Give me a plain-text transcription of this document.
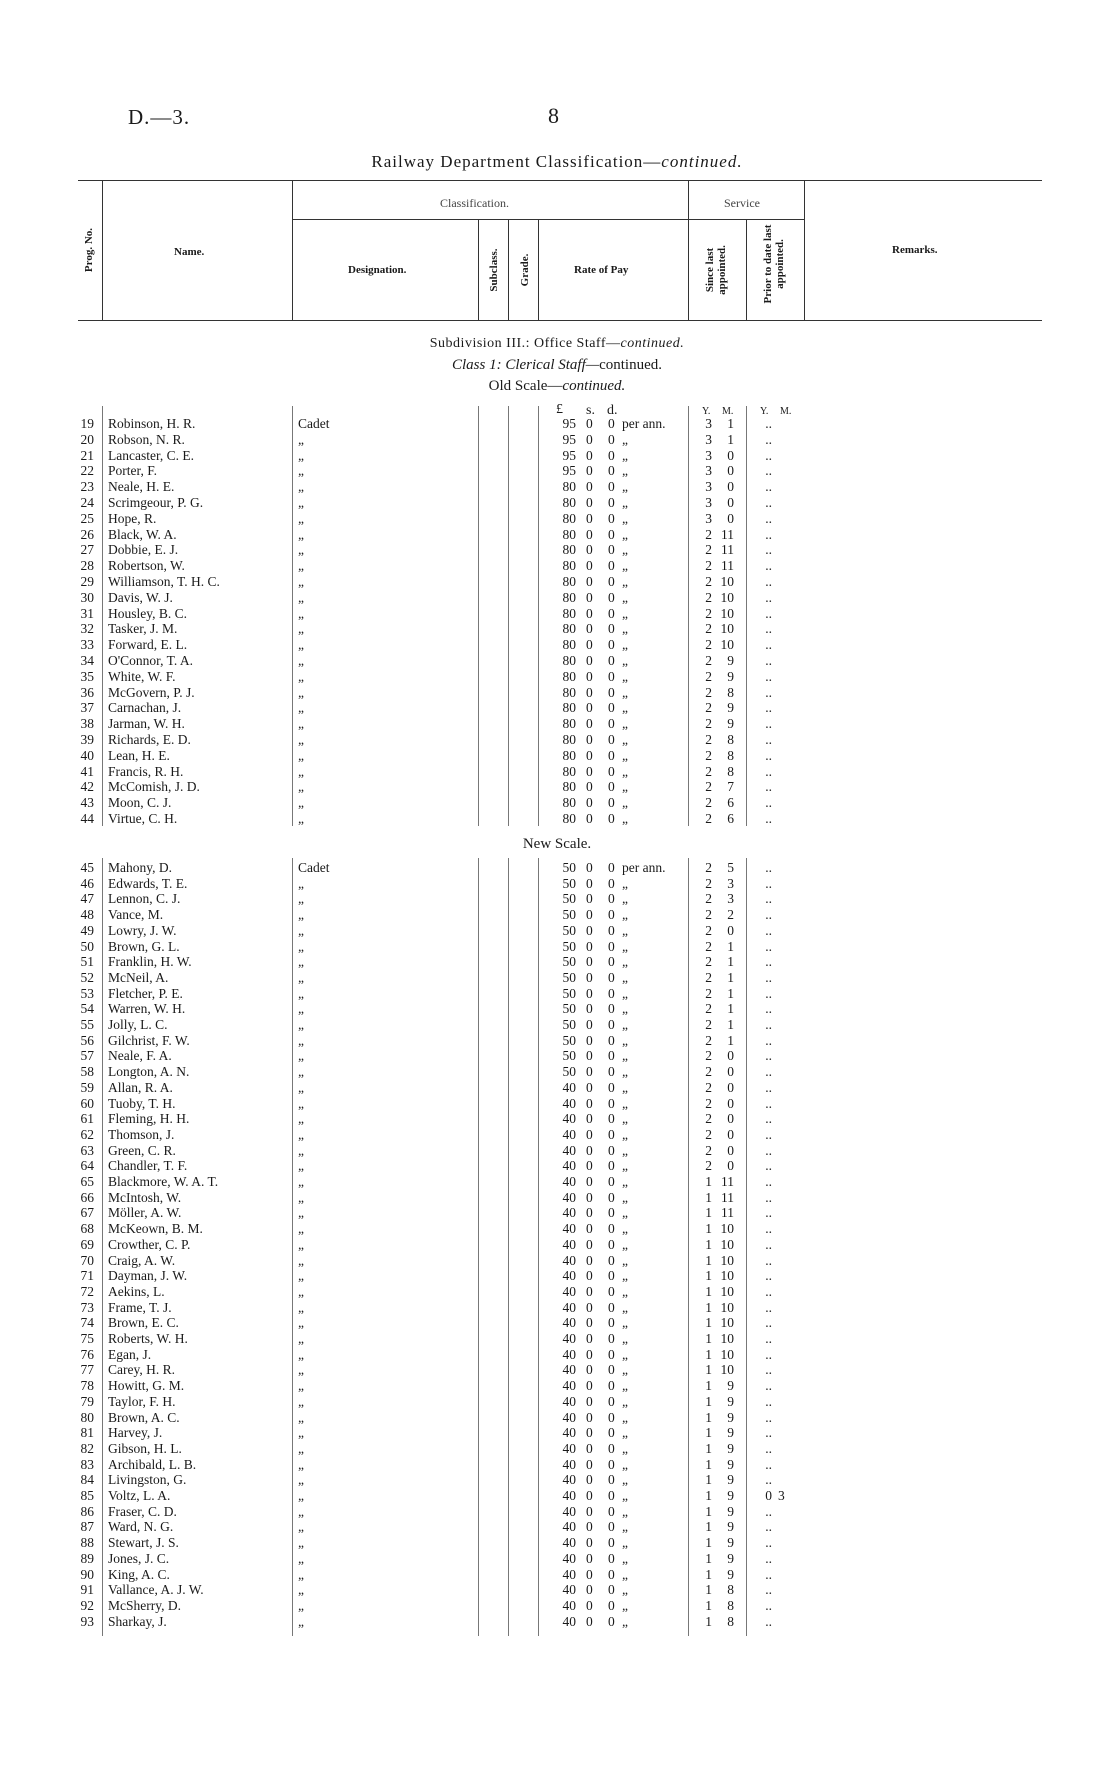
D.—3.	8
Railway Department Classification—continued.
Prog. No.	Name.
Classification.	Service
Designation.	Subclass. Grade.	Rate of Pay	Since last appointed.	Prior to date last appointed.	Remarks.
Subdivision III.: Office Staff—continued.
Class 1: Clerical Staff—continued.
Old Scale—continued.
£ s. d.	Y. M.	Y. M.
19 Robinson, H. R.	Cadet	95 0 0 per ann.	3	1 ..
20 Robson, N. R.	„	95 0 0 „	3	1 ..
21 Lancaster, C. E.	„	95 0 0 „	3	0 ..
22 Porter, F.	„	95 0 0 „	3	0 ..
23 Neale, H. E.	„	80 0 0 „	3	0 ..
24 Scrimgeour, P. G.	„	80 0 0 „	3	0 ..
25 Hope, R.	„	80 0 0 „	3	0 ..
26 Black, W. A.	„	80 0 0 „	2 11 ..
27 Dobbie, E. J.	„	80 0 0 „	2 11 ..
28 Robertson, W.	„	80 0 0 „	2 11 ..
29 Williamson, T. H. C.	„	80 0 0 „	2 10 ..
30 Davis, W. J.	„	80 0 0 „	2 10 ..
31 Housley, B. C.	„	80 0 0 „	2 10 ..
32 Tasker, J. M.	„	80 0 0 „	2 10 ..
33 Forward, E. L.	„	80 0 0 „	2 10 ..
34 O'Connor, T. A.	„	80 0 0 „	2	9 ..
35 White, W. F.	„	80 0 0 „	2	9 ..
36 McGovern, P. J.	„	80 0 0 „	2	8 ..
37 Carnachan, J.	„	80 0 0 „	2	9 ..
38 Jarman, W. H.	„	80 0 0 „	2	9 ..
39 Richards, E. D.	„	80 0 0 „	2	8 ..
40 Lean, H. E.	„	80 0 0 „	2	8 ..
41 Francis, R. H.	„	80 0 0 „	2	8 ..
42 McComish, J. D.	„	80 0 0 „	2	7 ..
43 Moon, C. J.	„	80 0 0 „	2	6 ..
44 Virtue, C. H.	„	80 0 0 „	2	6 ..
New Scale.
45 Mahony, D.	Cadet	50 0 0 per ann.	2	5 ..
46 Edwards, T. E.	„	50 0 0 „	2	3 ..
47 Lennon, C. J.	„	50 0 0 „	2	3 ..
48 Vance, M.	„	50 0 0 „	2	2 ..
49 Lowry, J. W.	„	50 0 0 „	2	0 ..
50 Brown, G. L.	„	50 0 0 „	2	1 ..
51 Franklin, H. W.	„	50 0 0 „	2	1 ..
52 McNeil, A.	„	50 0 0 „	2	1 ..
53 Fletcher, P. E.	„	50 0 0 „	2	1 ..
54 Warren, W. H.	„	50 0 0 „	2	1 ..
55 Jolly, L. C.	„	50 0 0 „	2	1 ..
56 Gilchrist, F. W.	„	50 0 0 „	2	1 ..
57 Neale, F. A.	„	50 0 0 „	2	0 ..
58 Longton, A. N.	„	50 0 0 „	2	0 ..
59 Allan, R. A.	„	40 0 0 „	2	0 ..
60 Tuoby, T. H.	„	40 0 0 „	2	0 ..
61 Fleming, H. H.	„	40 0 0 „	2	0 ..
62 Thomson, J.	„	40 0 0 „	2	0 ..
63 Green, C. R.	„	40 0 0 „	2	0 ..
64 Chandler, T. F.	„	40 0 0 „	2	0 ..
65 Blackmore, W. A. T.	„	40 0 0 „	1 11 ..
66 McIntosh, W.	„	40 0 0 „	1 11 ..
67 Möller, A. W.	„	40 0 0 „	1 11 ..
68 McKeown, B. M.	„	40 0 0 „	1 10 ..
69 Crowther, C. P.	„	40 0 0 „	1 10 ..
70 Craig, A. W.	„	40 0 0 „	1 10 ..
71 Dayman, J. W.	„	40 0 0 „	1 10 ..
72 Aekins, L.	„	40 0 0 „	1 10 ..
73 Frame, T. J.	„	40 0 0 „	1 10 ..
74 Brown, E. C.	„	40 0 0 „	1 10 ..
75 Roberts, W. H.	„	40 0 0 „	1 10 ..
76 Egan, J.	„	40 0 0 „	1 10 ..
77 Carey, H. R.	„	40 0 0 „	1 10 ..
78 Howitt, G. M.	„	40 0 0 „	1	9 ..
79 Taylor, F. H.	„	40 0 0 „	1	9 ..
80 Brown, A. C.	„	40 0 0 „	1	9 ..
81 Harvey, J.	„	40 0 0 „	1	9 ..
82 Gibson, H. L.	„	40 0 0 „	1	9 ..
83 Archibald, L. B.	„	40 0 0 „	1	9 ..
84 Livingston, G.	„	40 0 0 „	1	9 ..
85 Voltz, L. A.	„	40 0 0 „	1	9 0 3
86 Fraser, C. D.	„	40 0 0 „	1	9 ..
87 Ward, N. G.	„	40 0 0 „	1	9 ..
88 Stewart, J. S.	„	40 0 0 „	1	9 ..
89 Jones, J. C.	„	40 0 0 „	1	9 ..
90 King, A. C.	„	40 0 0 „	1	9 ..
91 Vallance, A. J. W.	„	40 0 0 „	1	8 ..
92 McSherry, D.	„	40 0 0 „	1	8 ..
93 Sharkay, J.	„	40 0 0 „	1	8 ..
